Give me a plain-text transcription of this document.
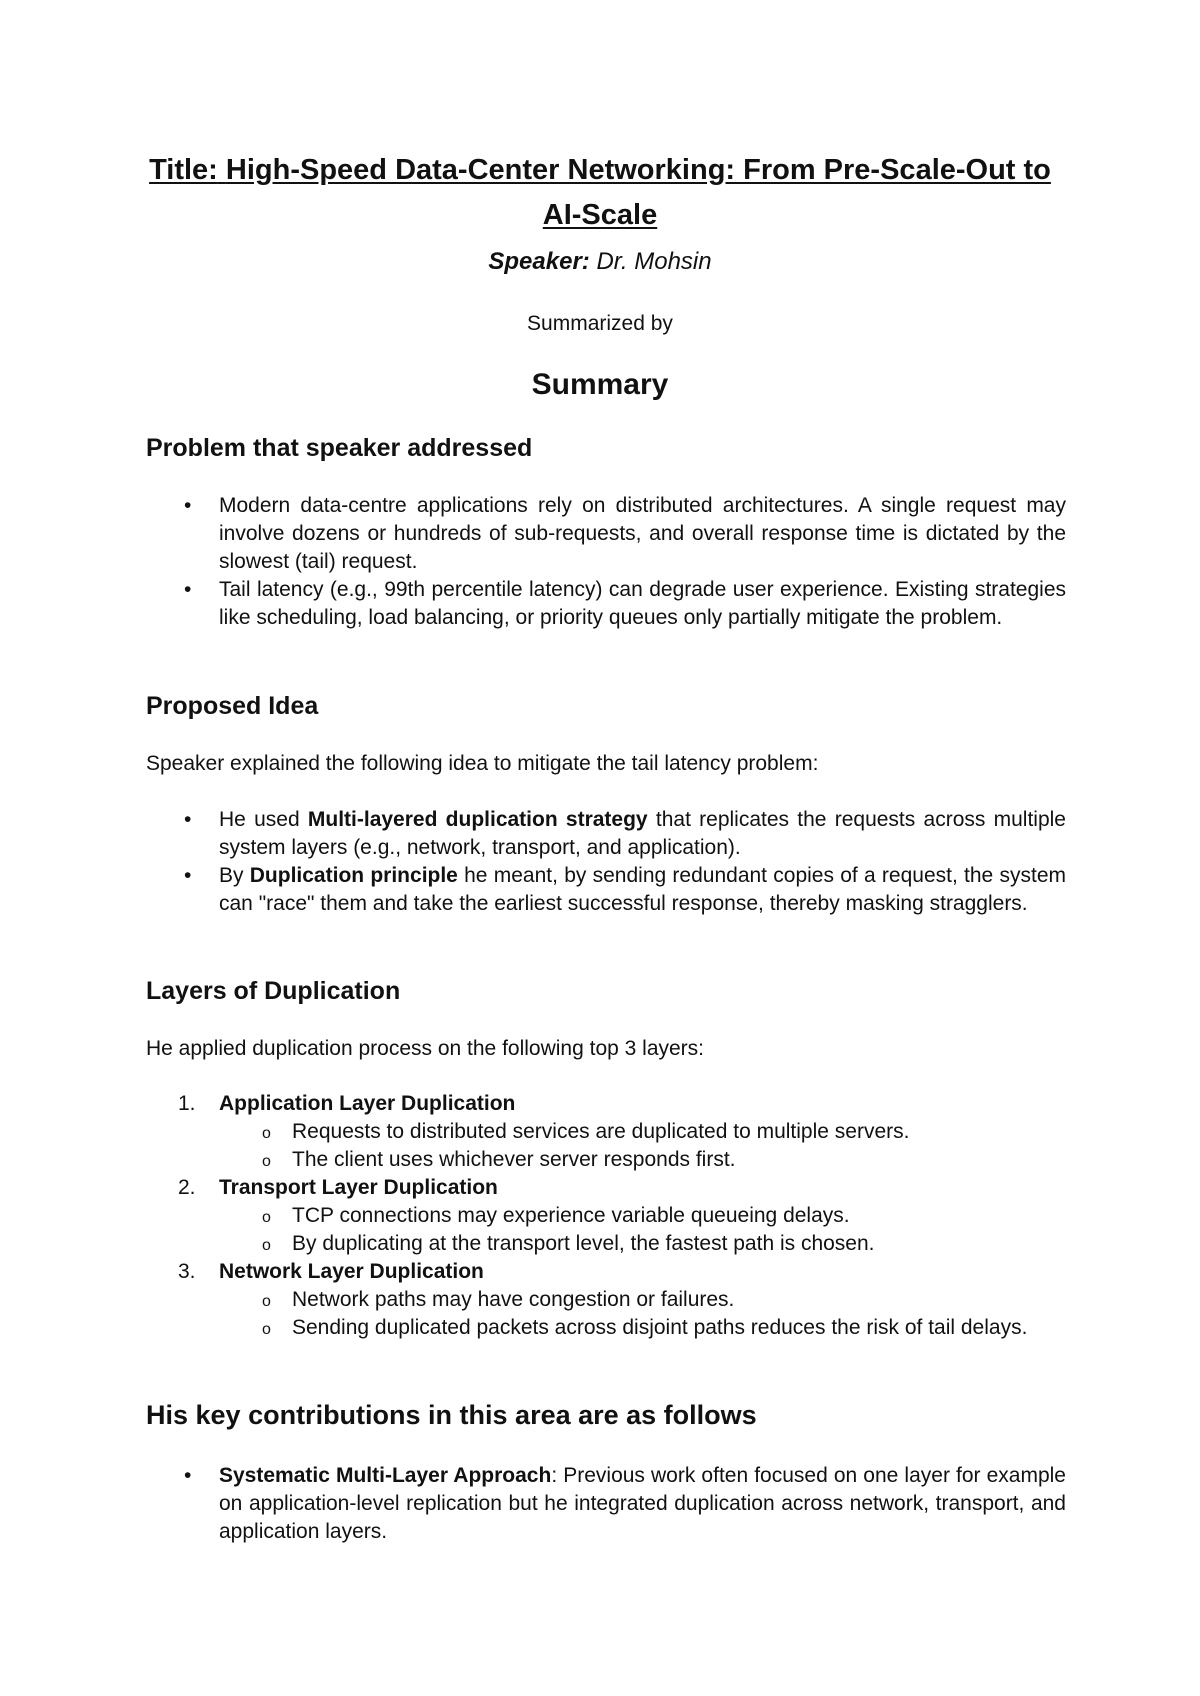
Title: High-Speed Data-Center Networking: From Pre-Scale-Out to AI-Scale

Speaker: Dr. Mohsin

Summarized by

Summary
Problem that speaker addressed
• Modern data-centre applications rely on distributed architectures. A single request may involve dozens or hundreds of sub-requests, and overall response time is dictated by the slowest (tail) request.
• Tail latency (e.g., 99th percentile latency) can degrade user experience. Existing strategies like scheduling, load balancing, or priority queues only partially mitigate the problem.
Proposed Idea

Speaker explained the following idea to mitigate the tail latency problem:

• He used Multi-layered duplication strategy that replicates the requests across multiple system layers (e.g., network, transport, and application).
• By Duplication principle he meant, by sending redundant copies of a request, the system can "race" them and take the earliest successful response, thereby masking stragglers.
Layers of Duplication

He applied duplication process on the following top 3 layers:

1. Application Layer Duplication
o Requests to distributed services are duplicated to multiple servers.
o The client uses whichever server responds first.
2. Transport Layer Duplication
o TCP connections may experience variable queueing delays.
o By duplicating at the transport level, the fastest path is chosen.
3. Network Layer Duplication
o Network paths may have congestion or failures.
o Sending duplicated packets across disjoint paths reduces the risk of tail delays.
His key contributions in this area are as follows
• Systematic Multi-Layer Approach: Previous work often focused on one layer for example on application-level replication but he integrated duplication across network, transport, and application layers.
